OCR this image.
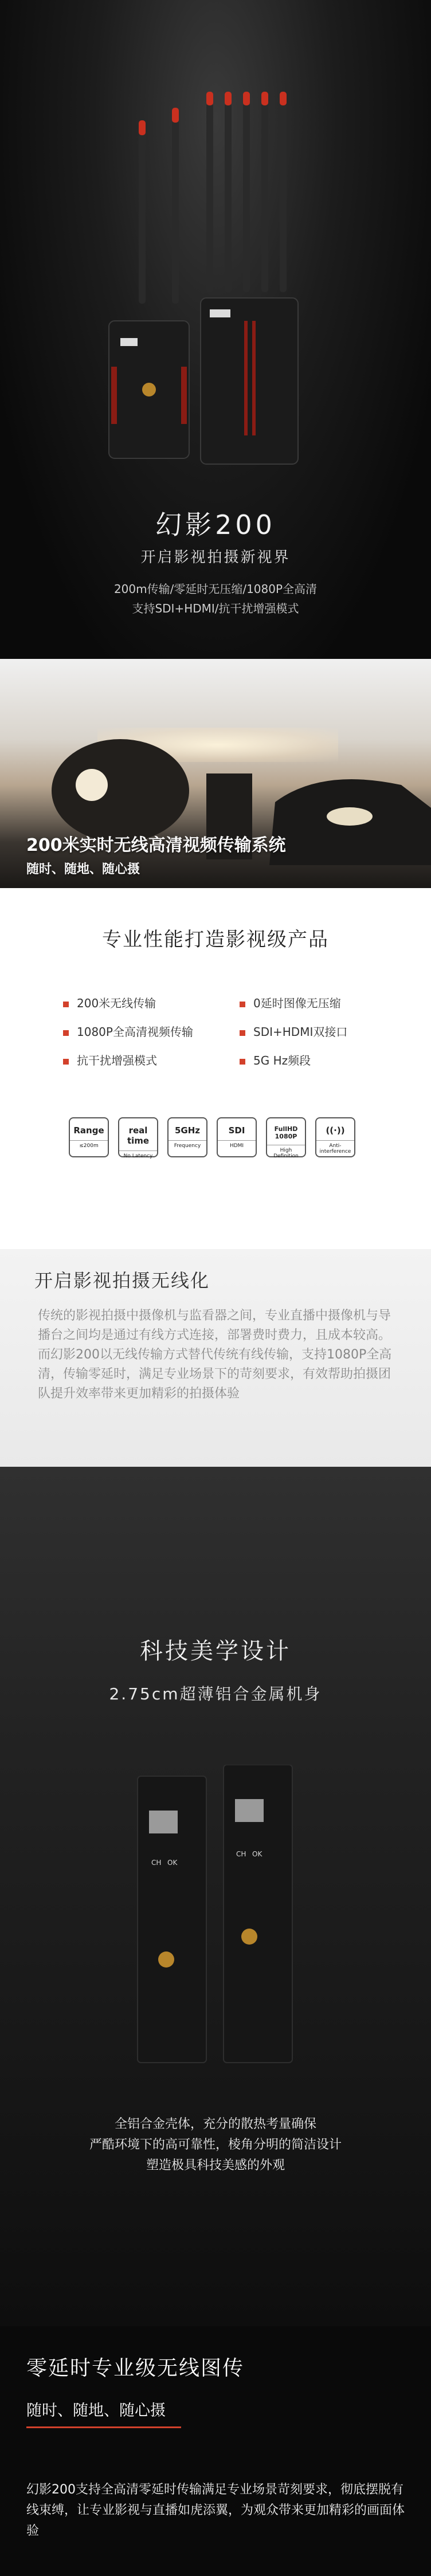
幻影200
开启影视拍摄新视界
200m传输/零延时无压缩/1080P全高清
支持SDI+HDMI/抗干扰增强模式
200米实时无线高清视频传输系统
随时、随地、随心摄
专业性能打造影视级产品
200米无线传输
1080P全高清视频传输
抗干扰增强模式
0延时图像无压缩
SDI+HDMI双接口
5G Hz频段
Range
≤200m
real time
No Latency
5GHz
Frequency
SDI
HDMI
FullHD 1080P
High Definition
((·))
Anti-interference
开启影视拍摄无线化
传统的影视拍摄中摄像机与监看器之间，专业直播中摄像机与导播台之间均是通过有线方式连接，部署费时费力，且成本较高。而幻影200以无线传输方式替代传统有线传输，支持1080P全高清，传输零延时，满足专业场景下的苛刻要求，有效帮助拍摄团队提升效率带来更加精彩的拍摄体验
科技美学设计
2.75cm超薄铝合金属机身
CH OK
CH OK
全铝合金壳体，充分的散热考量确保
严酷环境下的高可靠性，棱角分明的简洁设计
塑造极具科技美感的外观
零延时专业级无线图传
随时、随地、随心摄
幻影200支持全高清零延时传输满足专业场景苛刻要求，彻底摆脱有线束缚，让专业影视与直播如虎添翼，为观众带来更加精彩的画面体验
